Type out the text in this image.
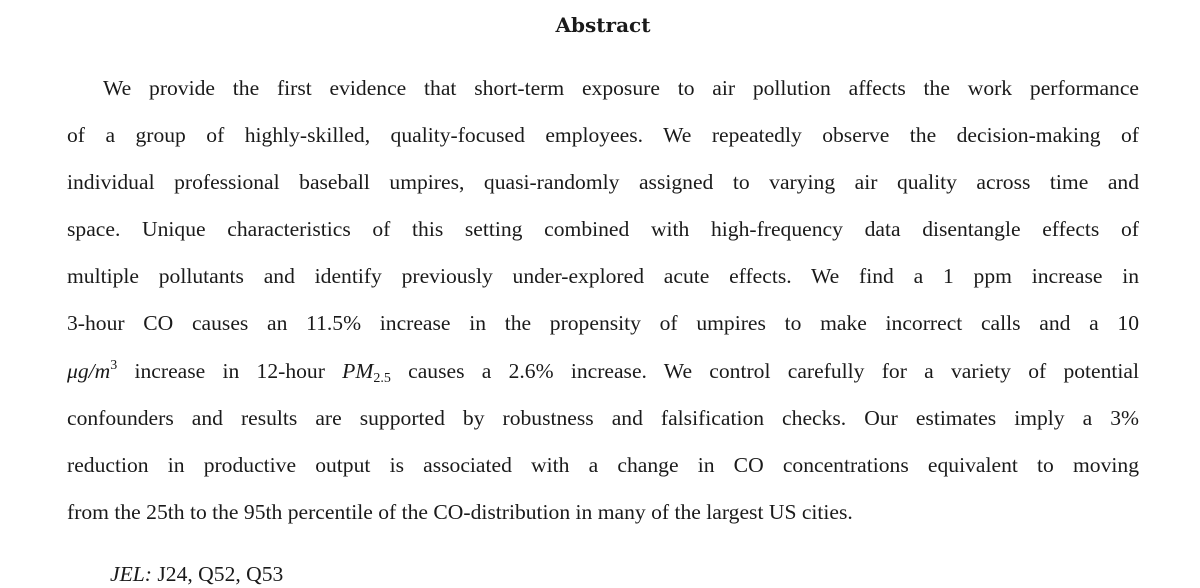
Abstract
We provide the first evidence that short-term exposure to air pollution affects the work performance
of a group of highly-skilled, quality-focused employees. We repeatedly observe the decision-making of
individual professional baseball umpires, quasi-randomly assigned to varying air quality across time and
space. Unique characteristics of this setting combined with high-frequency data disentangle effects of
multiple pollutants and identify previously under-explored acute effects. We find a 1 ppm increase in
3-hour CO causes an 11.5% increase in the propensity of umpires to make incorrect calls and a 10
$\mu g/m^3$ increase in 12-hour $PM_{2.5}$ causes a 2.6% increase. We control carefully for a variety of potential
confounders and results are supported by robustness and falsification checks. Our estimates imply a 3%
reduction in productive output is associated with a change in CO concentrations equivalent to moving
from the 25th to the 95th percentile of the CO-distribution in many of the largest US cities.
JEL: J24, Q52, Q53
